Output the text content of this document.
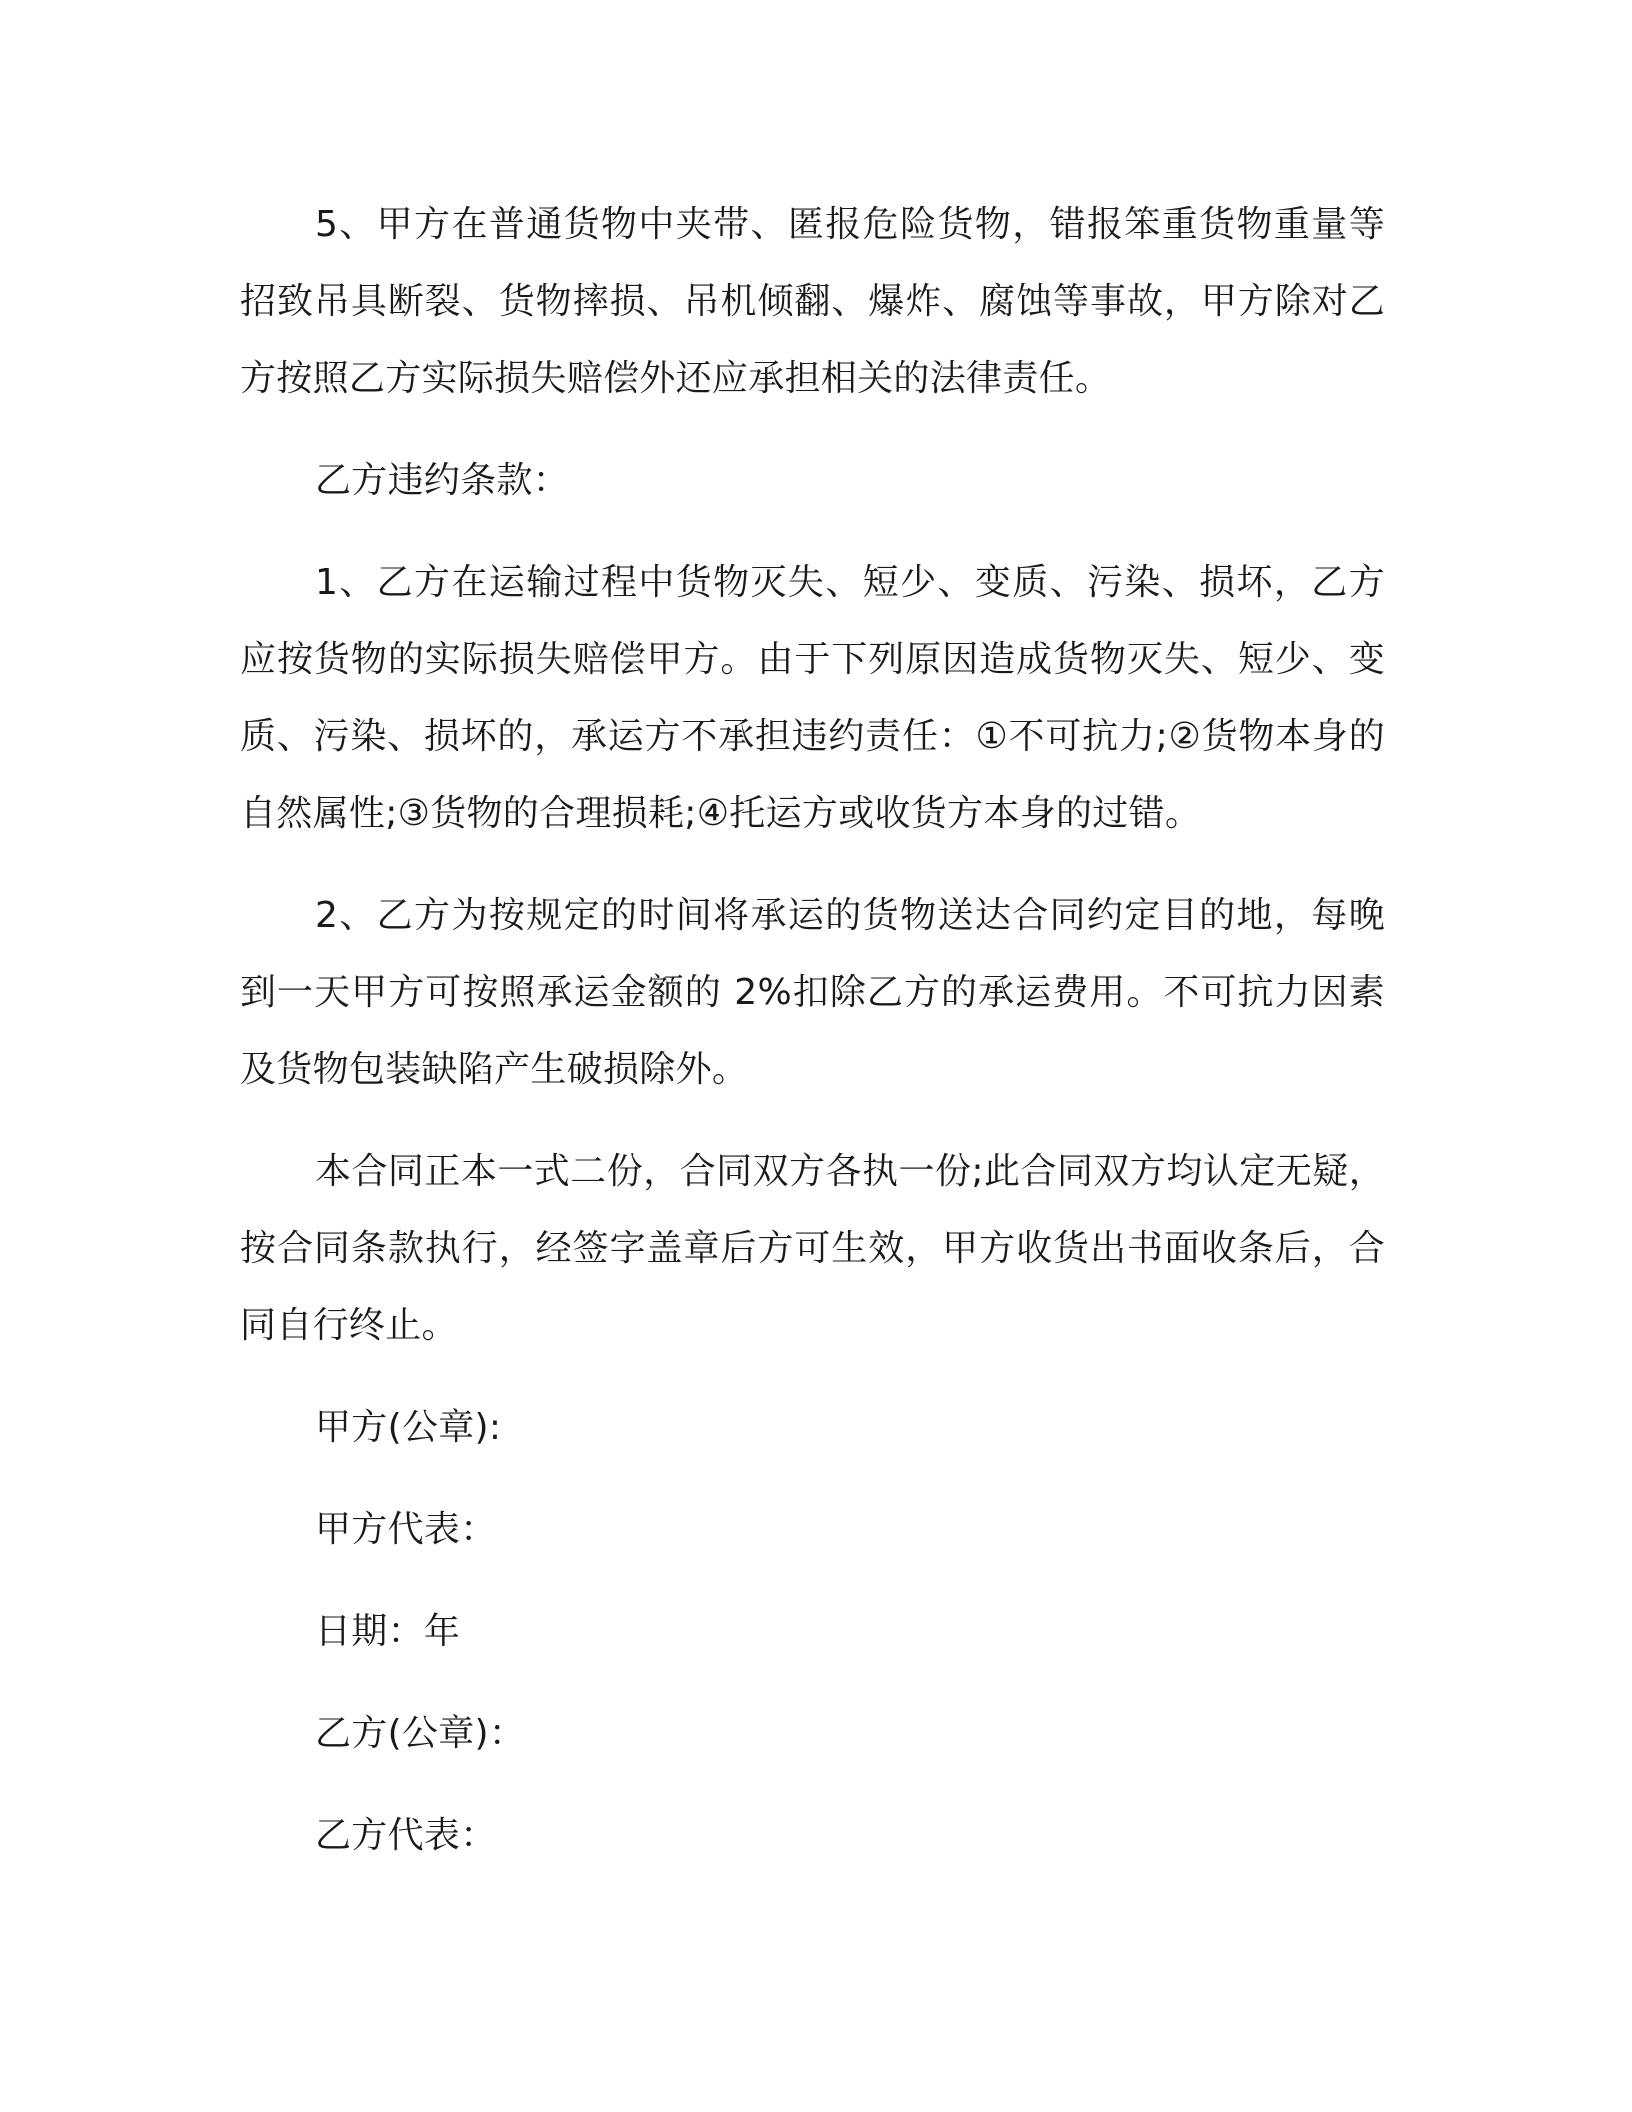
5、甲方在普通货物中夹带、匿报危险货物，错报笨重货物重量等招致吊具断裂、货物摔损、吊机倾翻、爆炸、腐蚀等事故，甲方除对乙方按照乙方实际损失赔偿外还应承担相关的法律责任。

乙方违约条款：

1、乙方在运输过程中货物灭失、短少、变质、污染、损坏，乙方应按货物的实际损失赔偿甲方。由于下列原因造成货物灭失、短少、变质、污染、损坏的，承运方不承担违约责任：①不可抗力;②货物本身的自然属性;③货物的合理损耗;④托运方或收货方本身的过错。

2、乙方为按规定的时间将承运的货物送达合同约定目的地，每晚到一天甲方可按照承运金额的 2%扣除乙方的承运费用。不可抗力因素及货物包装缺陷产生破损除外。

本合同正本一式二份，合同双方各执一份;此合同双方均认定无疑，按合同条款执行，经签字盖章后方可生效，甲方收货出书面收条后，合同自行终止。

甲方(公章):

甲方代表：

日期：年

乙方(公章)：

乙方代表：
